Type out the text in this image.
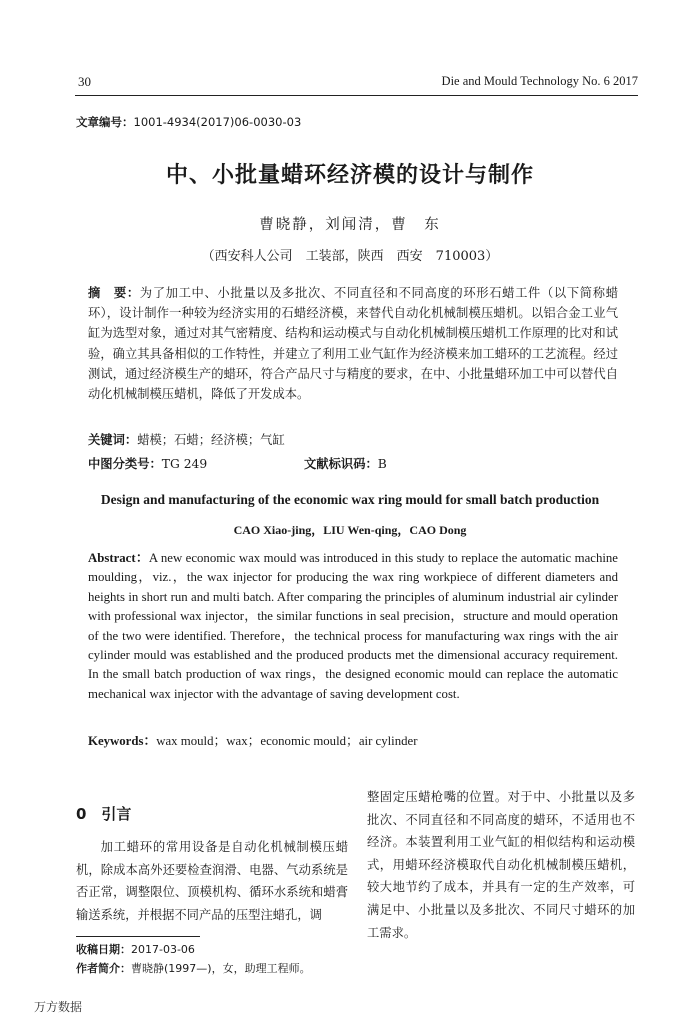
30	Die and Mould Technology No. 6 2017
文章编号：1001-4934(2017)06-0030-03
中、小批量蜡环经济模的设计与制作
曹晓静，刘闻清，曹　东
（西安科人公司　工装部，陕西　西安　710003）
摘　要：为了加工中、小批量以及多批次、不同直径和不同高度的环形石蜡工件（以下简称蜡环），设计制作一种较为经济实用的石蜡经济模，来替代自动化机械制模压蜡机。以铝合金工业气缸为选型对象，通过对其气密精度、结构和运动模式与自动化机械制模压蜡机工作原理的比对和试验，确立其具备相似的工作特性，并建立了利用工业气缸作为经济模来加工蜡环的工艺流程。经过测试，通过经济模生产的蜡环，符合产品尺寸与精度的要求，在中、小批量蜡环加工中可以替代自动化机械制模压蜡机，降低了开发成本。
关键词：蜡模；石蜡；经济模；气缸
中图分类号：TG 249	文献标识码：B
Design and manufacturing of the economic wax ring mould for small batch production
CAO Xiao-jing，LIU Wen-qing，CAO Dong
Abstract：A new economic wax mould was introduced in this study to replace the automatic machine moulding，viz.，the wax injector for producing the wax ring workpiece of different diameters and heights in short run and multi batch. After comparing the principles of aluminum industrial air cylinder with professional wax injector，the similar functions in seal precision，structure and mould operation of the two were identified. Therefore，the technical process for manufacturing wax rings with the air cylinder mould was established and the produced products met the dimensional accuracy requirement. In the small batch production of wax rings，the designed economic mould can replace the automatic mechanical wax injector with the advantage of saving development cost.
Keywords：wax mould；wax；economic mould；air cylinder
0　引言
加工蜡环的常用设备是自动化机械制模压蜡机，除成本高外还要检查润滑、电器、气动系统是否正常，调整限位、顶模机构、循环水系统和蜡膏输送系统，并根据不同产品的压型注蜡孔，调
整固定压蜡枪嘴的位置。对于中、小批量以及多批次、不同直径和不同高度的蜡环，不适用也不经济。本装置利用工业气缸的相似结构和运动模式，用蜡环经济模取代自动化机械制模压蜡机，较大地节约了成本，并具有一定的生产效率，可满足中、小批量以及多批次、不同尺寸蜡环的加工需求。
收稿日期：2017-03-06
作者简介：曹晓静(1997—)，女，助理工程师。
万方数据
